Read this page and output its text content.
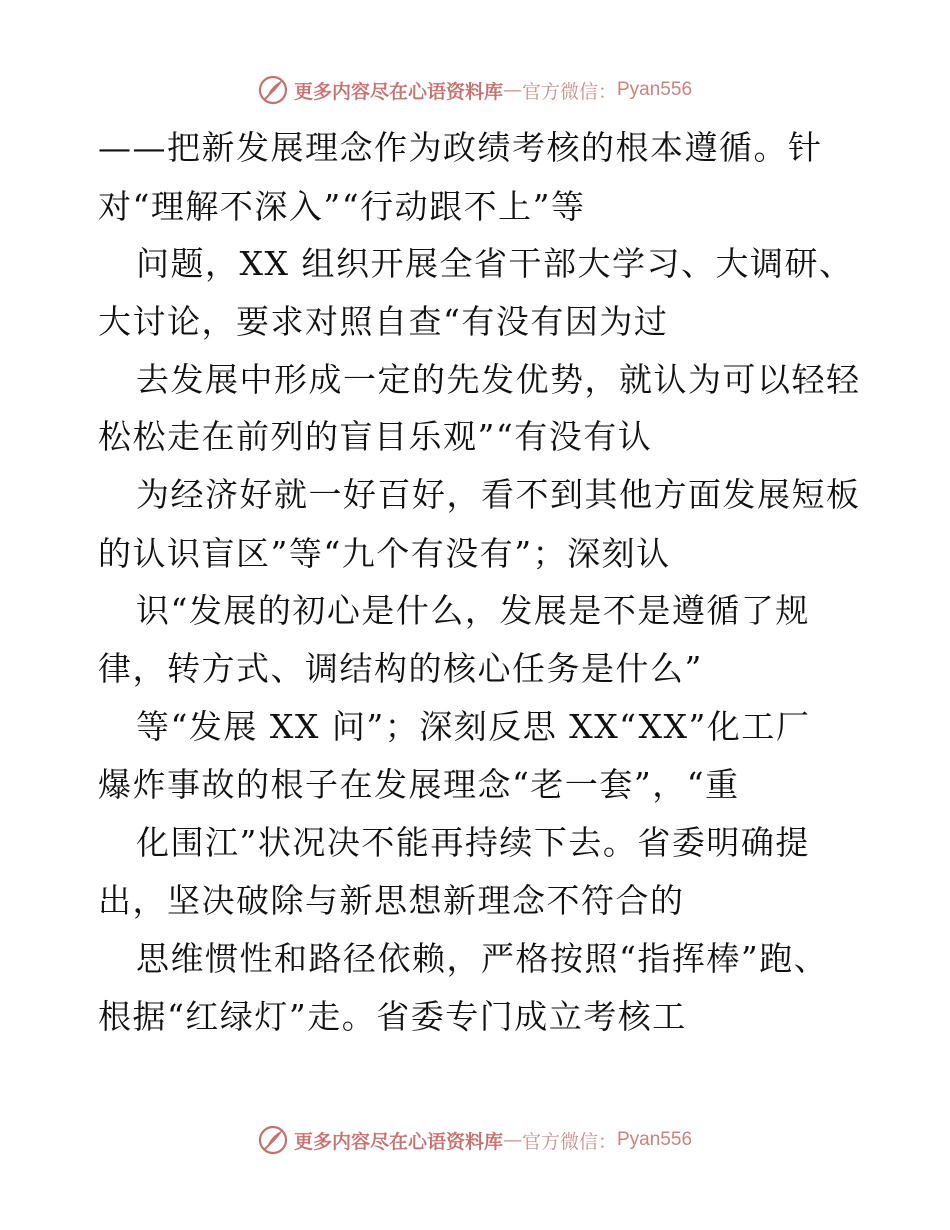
更多内容尽在心语资料库 — 官方微信： Pyan556
——把新发展理念作为政绩考核的根本遵循。针
对“理解不深入”“行动跟不上”等
问题，XX 组织开展全省干部大学习、大调研、
大讨论，要求对照自查“有没有因为过
去发展中形成一定的先发优势，就认为可以轻轻
松松走在前列的盲目乐观”“有没有认
为经济好就一好百好，看不到其他方面发展短板
的认识盲区”等“九个有没有”；深刻认
识“发展的初心是什么，发展是不是遵循了规
律，转方式、调结构的核心任务是什么”
等“发展 XX 问”；深刻反思 XX“XX”化工厂
爆炸事故的根子在发展理念“老一套”，“重
化围江”状况决不能再持续下去。省委明确提
出，坚决破除与新思想新理念不符合的
思维惯性和路径依赖，严格按照“指挥棒”跑、
根据“红绿灯”走。省委专门成立考核工
更多内容尽在心语资料库 — 官方微信： Pyan556
